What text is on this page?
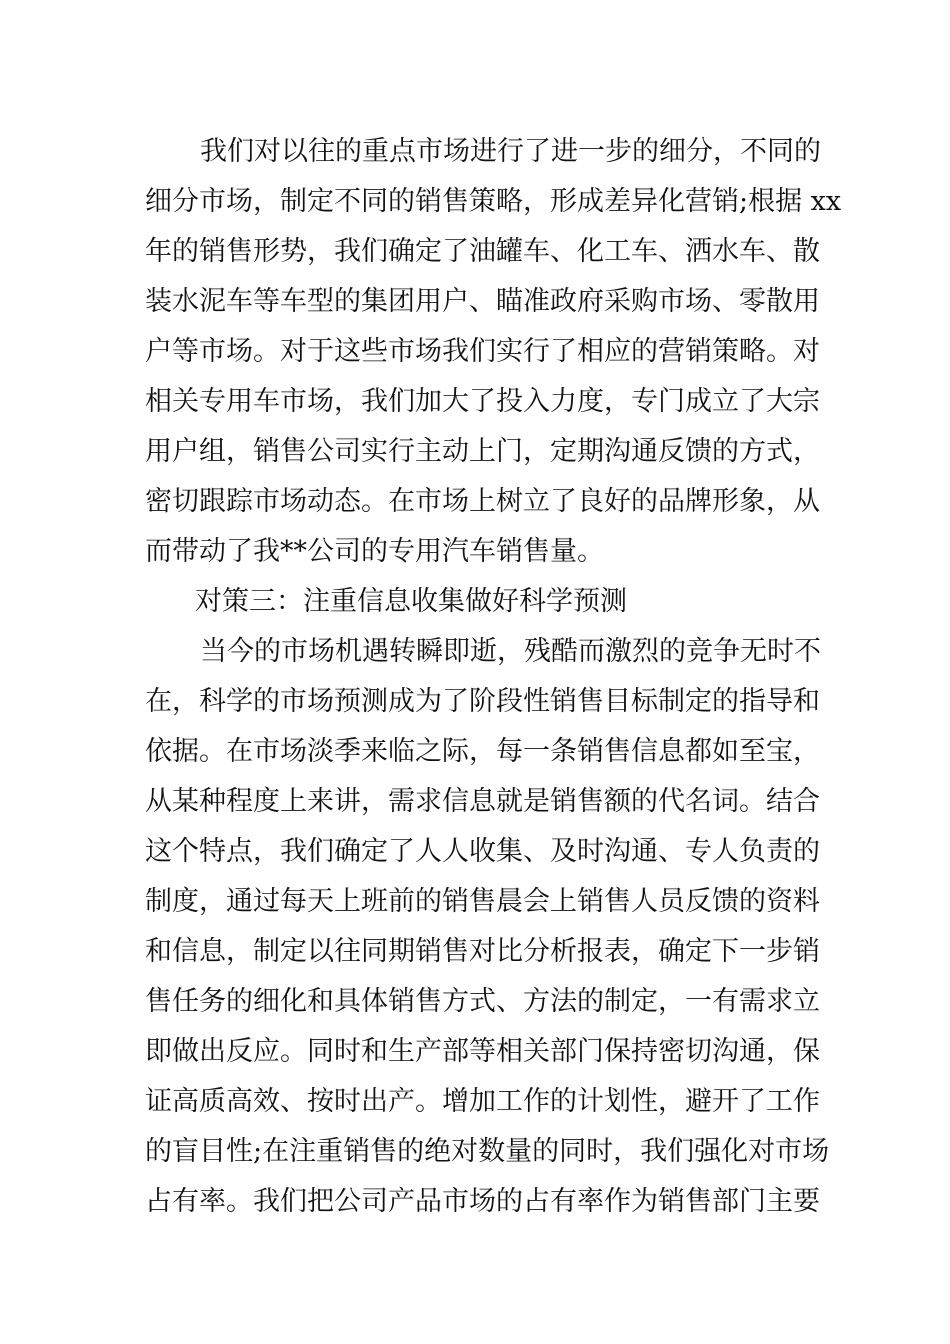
我们对以往的重点市场进行了进一步的细分，不同的

细分市场，制定不同的销售策略，形成差异化营销;根据 xx

年的销售形势，我们确定了油罐车、化工车、洒水车、散

装水泥车等车型的集团用户、瞄准政府采购市场、零散用

户等市场。对于这些市场我们实行了相应的营销策略。对

相关专用车市场，我们加大了投入力度，专门成立了大宗

用户组，销售公司实行主动上门，定期沟通反馈的方式，

密切跟踪市场动态。在市场上树立了良好的品牌形象，从

而带动了我**公司的专用汽车销售量。

对策三：注重信息收集做好科学预测

当今的市场机遇转瞬即逝，残酷而激烈的竞争无时不

在，科学的市场预测成为了阶段性销售目标制定的指导和

依据。在市场淡季来临之际，每一条销售信息都如至宝，

从某种程度上来讲，需求信息就是销售额的代名词。结合

这个特点，我们确定了人人收集、及时沟通、专人负责的

制度，通过每天上班前的销售晨会上销售人员反馈的资料

和信息，制定以往同期销售对比分析报表，确定下一步销

售任务的细化和具体销售方式、方法的制定，一有需求立

即做出反应。同时和生产部等相关部门保持密切沟通，保

证高质高效、按时出产。增加工作的计划性，避开了工作

的盲目性;在注重销售的绝对数量的同时，我们强化对市场

占有率。我们把公司产品市场的占有率作为销售部门主要
